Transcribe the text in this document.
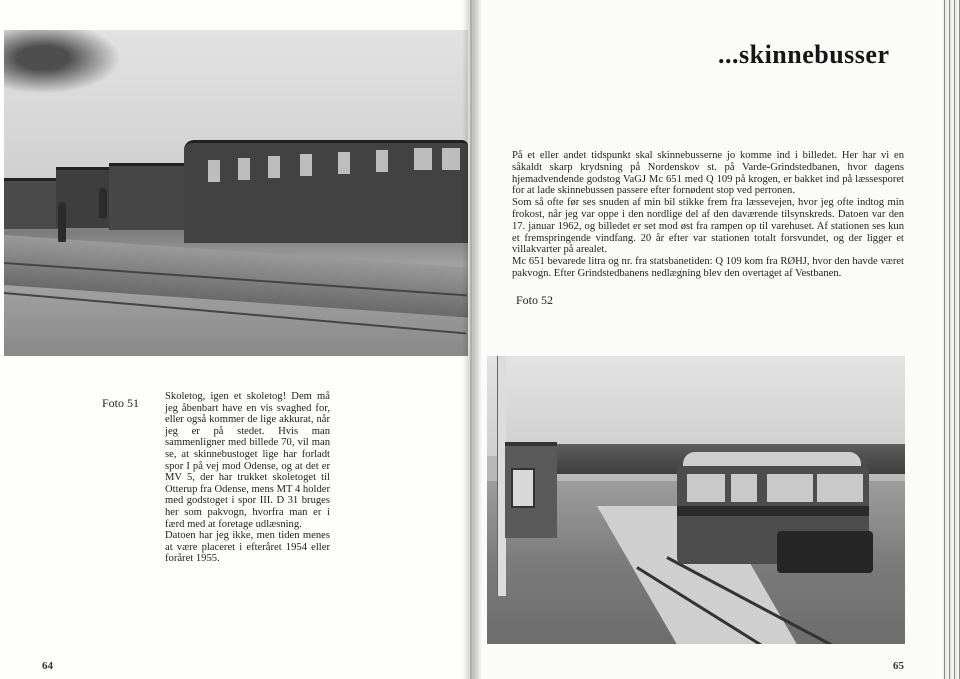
Foto 51 Skoletog, igen et skoletog! Dem må jeg åbenbart have en vis svaghed for, eller også kommer de lige akkurat, når jeg er på stedet. Hvis man sammenligner med billede 70, vil man se, at skinnebustoget lige har forladt spor I på vej mod Odense, og at det er MV 5, der har trukket skoletoget til Otterup fra Odense, mens MT 4 holder med godstoget i spor III. D 31 bruges her som pakvogn, hvorfra man er i færd med at foretage udlæsning.

Datoen har jeg ikke, men tiden menes at være placeret i efteråret 1954 eller foråret 1955.

64
...skinnebusser

På et eller andet tidspunkt skal skinnebusserne jo komme ind i billedet. Her har vi en såkaldt skarp krydsning på Nordenskov st. på Varde-Grindstedbanen, hvor dagens hjemadvendende godstog VaGJ Mc 651 med Q 109 på krogen, er bakket ind på læssesporet for at lade skinnebussen passere efter fornødent stop ved perronen.

Som så ofte før ses snuden af min bil stikke frem fra læssevejen, hvor jeg ofte indtog min frokost, når jeg var oppe i den nordlige del af den daværende tilsynskreds. Datoen var den 17. januar 1962, og billedet er set mod øst fra rampen op til varehuset. Af stationen ses kun et fremspringende vindfang. 20 år efter var stationen totalt forsvundet, og der ligger et villakvarter på arealet.

Mc 651 bevarede litra og nr. fra statsbanetiden: Q 109 kom fra RØHJ, hvor den havde været pakvogn. Efter Grindstedbanens nedlægning blev den overtaget af Vestbanen.

Foto 52
65
